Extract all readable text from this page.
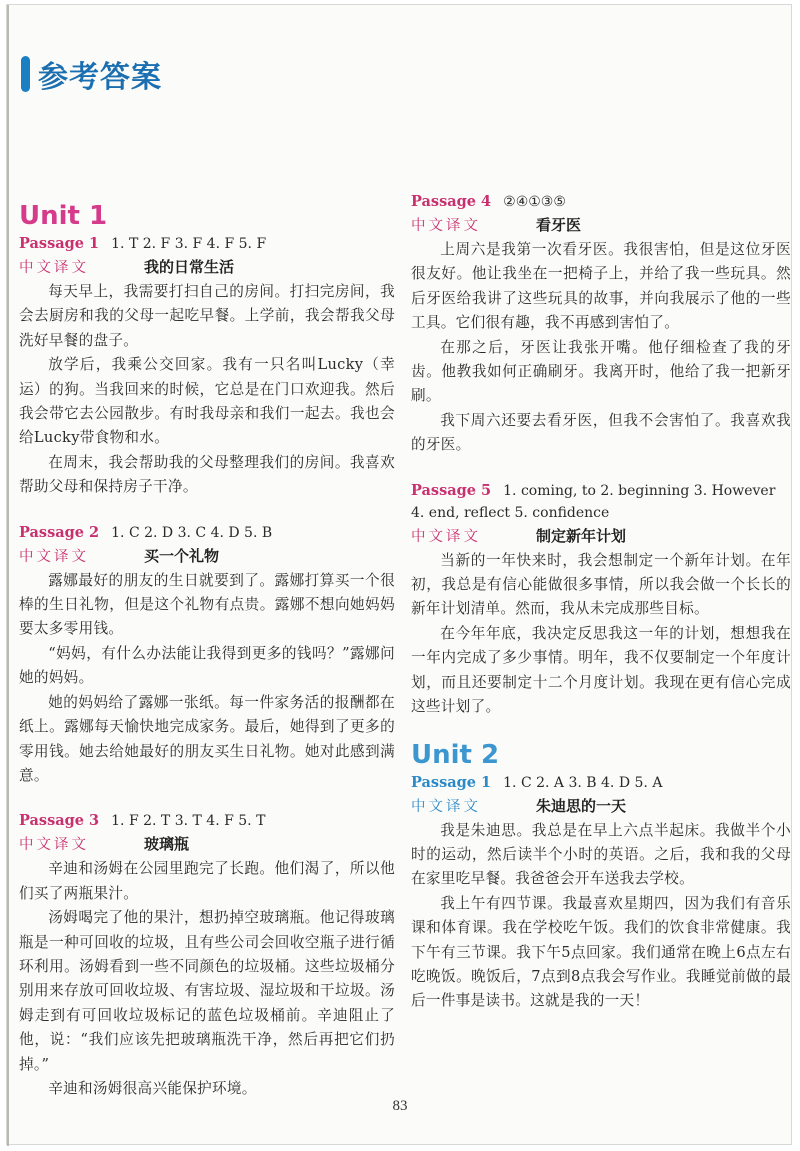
参考答案
Unit 1
Passage 1 1. T 2. F 3. F 4. F 5. F
中文译文	我的日常生活

每天早上，我需要打扫自己的房间。打扫完房间，我会去厨房和我的父母一起吃早餐。上学前，我会帮我父母洗好早餐的盘子。

放学后，我乘公交回家。我有一只名叫Lucky（幸运）的狗。当我回来的时候，它总是在门口欢迎我。然后我会带它去公园散步。有时我母亲和我们一起去。我也会给Lucky带食物和水。

在周末，我会帮助我的父母整理我们的房间。我喜欢帮助父母和保持房子干净。

Passage 2 1. C 2. D 3. C 4. D 5. B
中文译文	买一个礼物

露娜最好的朋友的生日就要到了。露娜打算买一个很棒的生日礼物，但是这个礼物有点贵。露娜不想向她妈妈要太多零用钱。

“妈妈，有什么办法能让我得到更多的钱吗？”露娜问她的妈妈。

她的妈妈给了露娜一张纸。每一件家务活的报酬都在纸上。露娜每天愉快地完成家务。最后，她得到了更多的零用钱。她去给她最好的朋友买生日礼物。她对此感到满意。

Passage 3 1. F 2. T 3. T 4. F 5. T
中文译文	玻璃瓶

辛迪和汤姆在公园里跑完了长跑。他们渴了，所以他们买了两瓶果汁。

汤姆喝完了他的果汁，想扔掉空玻璃瓶。他记得玻璃瓶是一种可回收的垃圾，且有些公司会回收空瓶子进行循环利用。汤姆看到一些不同颜色的垃圾桶。这些垃圾桶分别用来存放可回收垃圾、有害垃圾、湿垃圾和干垃圾。汤姆走到有可回收垃圾标记的蓝色垃圾桶前。辛迪阻止了他，说：“我们应该先把玻璃瓶洗干净，然后再把它们扔掉。”

辛迪和汤姆很高兴能保护环境。

Passage 4 ②④①③⑤
中文译文	看牙医

上周六是我第一次看牙医。我很害怕，但是这位牙医很友好。他让我坐在一把椅子上，并给了我一些玩具。然后牙医给我讲了这些玩具的故事，并向我展示了他的一些工具。它们很有趣，我不再感到害怕了。

在那之后，牙医让我张开嘴。他仔细检查了我的牙齿。他教我如何正确刷牙。我离开时，他给了我一把新牙刷。

我下周六还要去看牙医，但我不会害怕了。我喜欢我的牙医。

Passage 5 1. coming, to 2. beginning 3. However
4. end, reflect 5. confidence
中文译文	制定新年计划

当新的一年快来时，我会想制定一个新年计划。在年初，我总是有信心能做很多事情，所以我会做一个长长的新年计划清单。然而，我从未完成那些目标。

在今年年底，我决定反思我这一年的计划，想想我在一年内完成了多少事情。明年，我不仅要制定一个年度计划，而且还要制定十二个月度计划。我现在更有信心完成这些计划了。

Unit 2
Passage 1 1. C 2. A 3. B 4. D 5. A
中文译文	朱迪思的一天

我是朱迪思。我总是在早上六点半起床。我做半个小时的运动，然后读半个小时的英语。之后，我和我的父母在家里吃早餐。我爸爸会开车送我去学校。

我上午有四节课。我最喜欢星期四，因为我们有音乐课和体育课。我在学校吃午饭。我们的饮食非常健康。我下午有三节课。我下午5点回家。我们通常在晚上6点左右吃晚饭。晚饭后，7点到8点我会写作业。我睡觉前做的最后一件事是读书。这就是我的一天！

83
